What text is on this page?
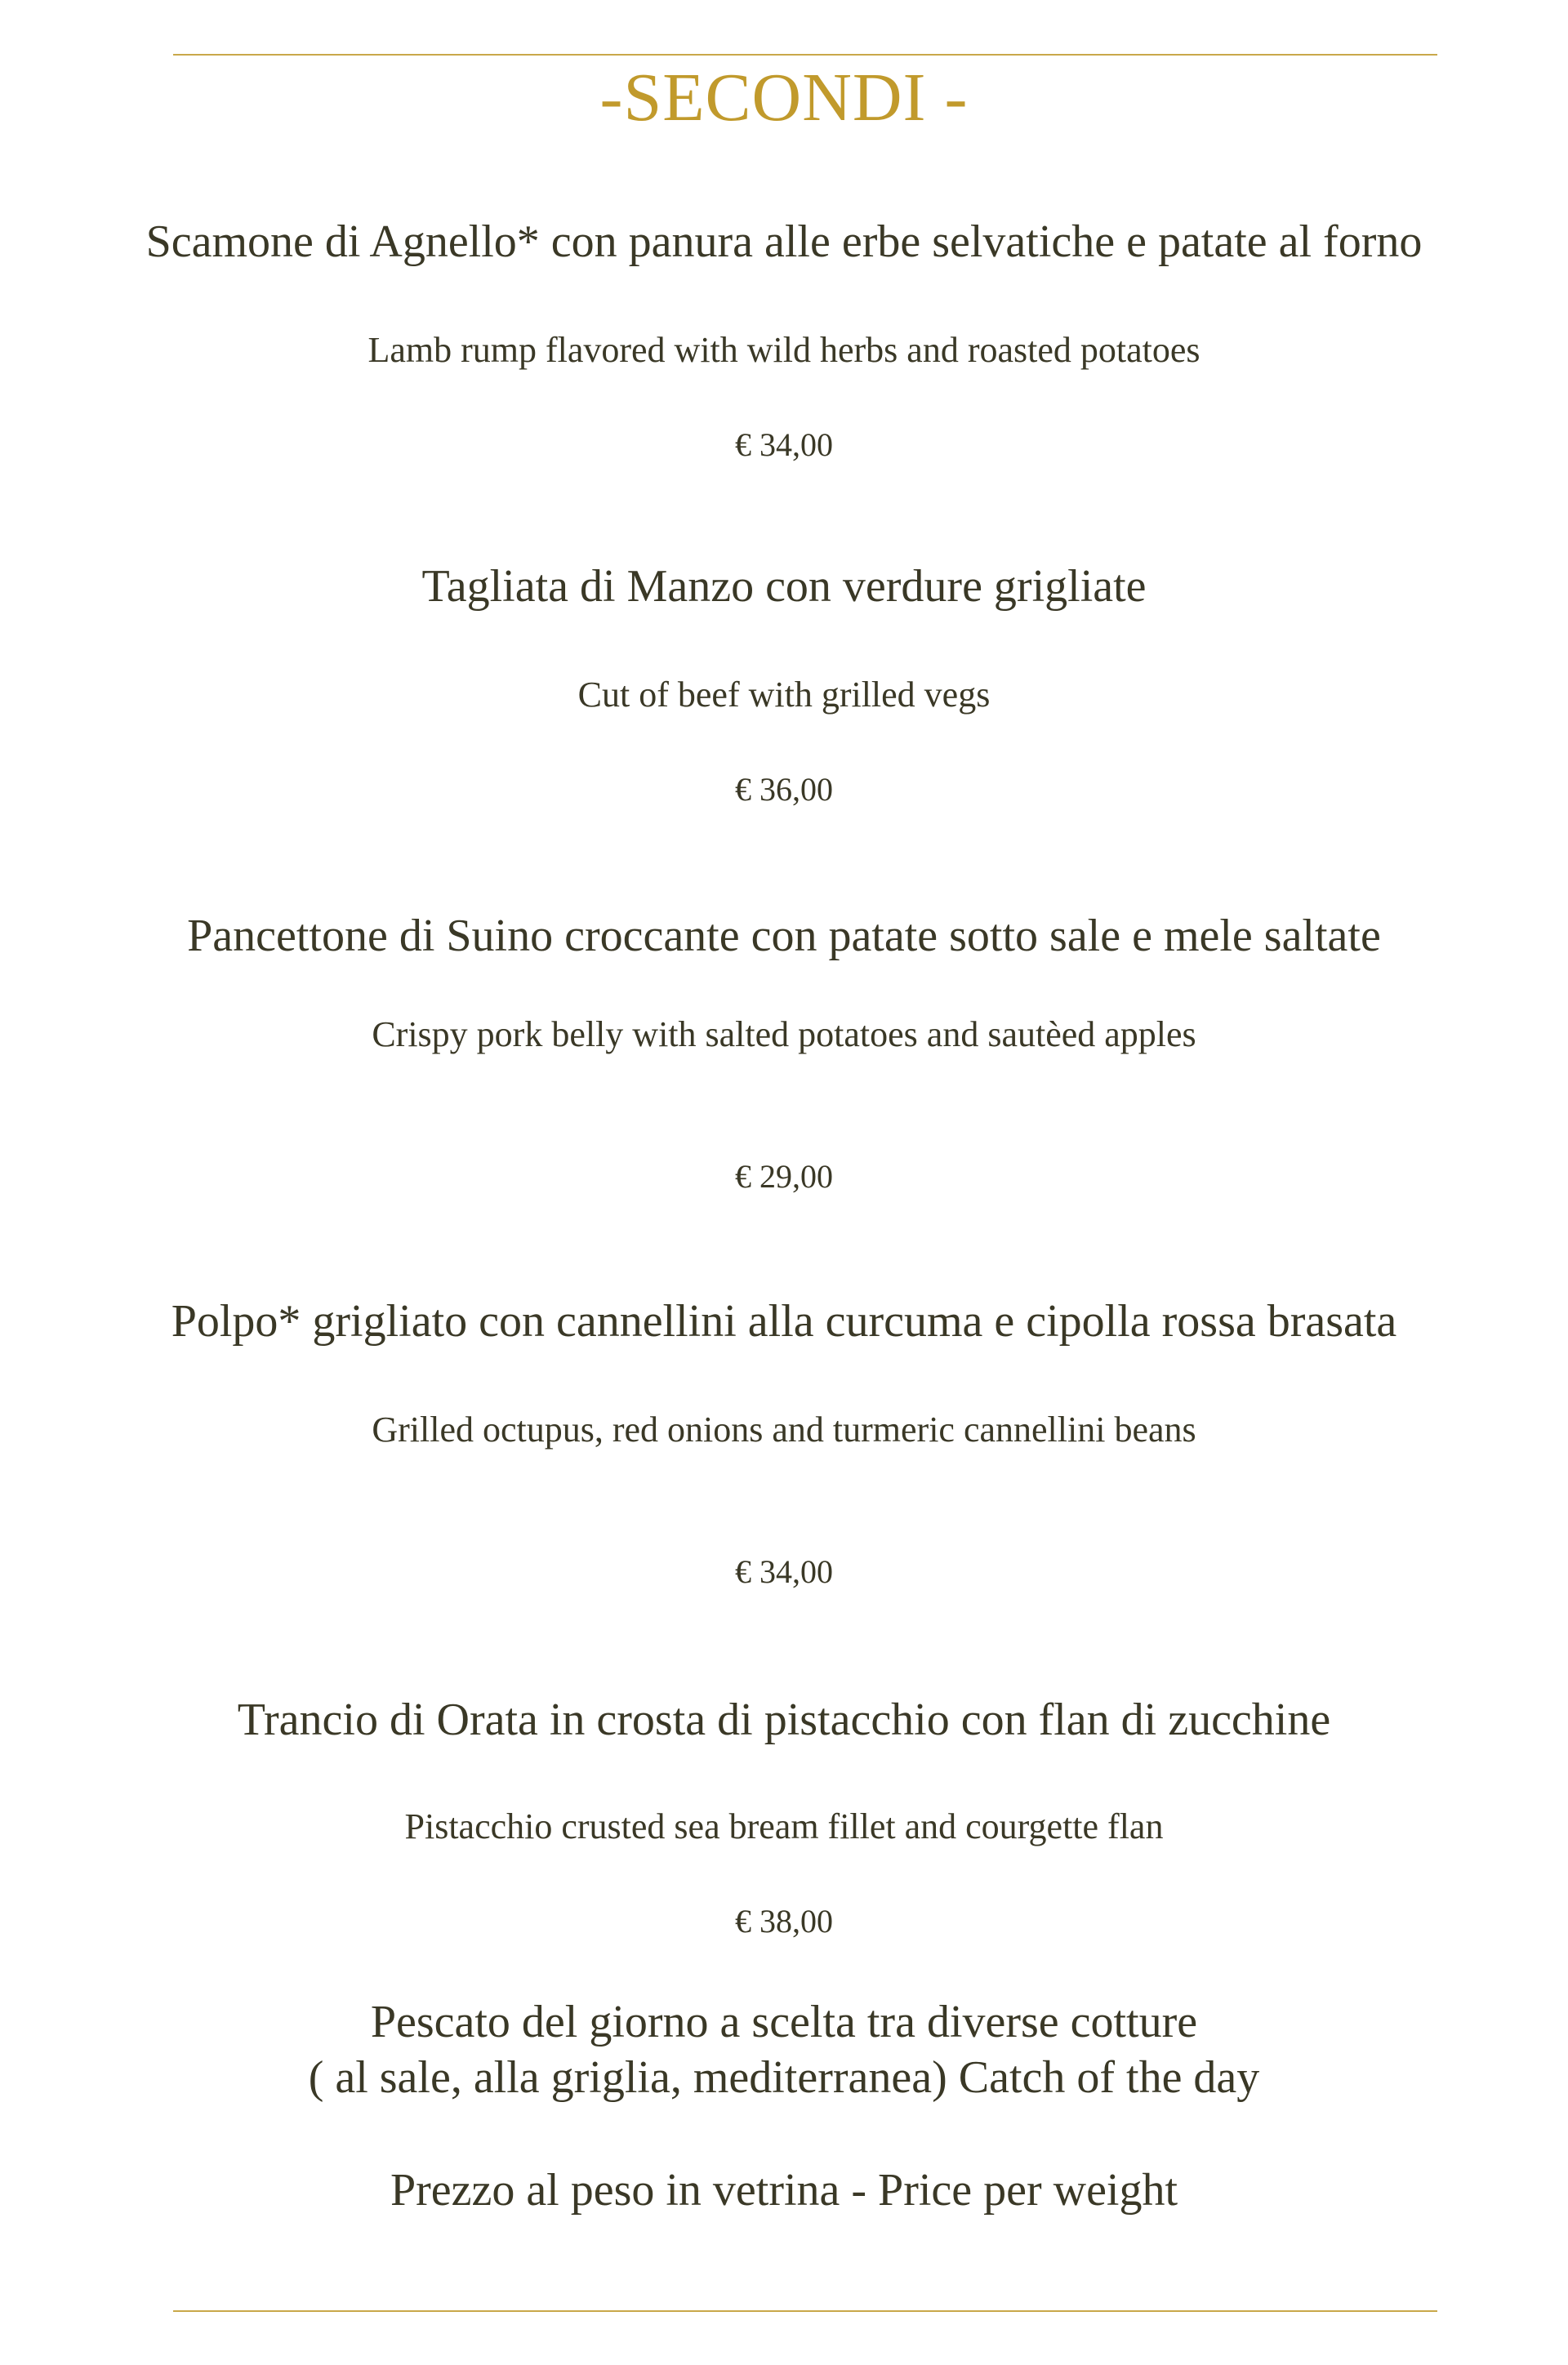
-SECONDI -
Scamone di Agnello* con panura alle erbe selvatiche e patate al forno
Lamb rump flavored with wild herbs and roasted potatoes
€ 34,00
Tagliata di Manzo con verdure grigliate
Cut of beef with grilled vegs
€ 36,00
Pancettone di Suino croccante con patate sotto sale e mele saltate
Crispy pork belly with salted potatoes and sautèed apples
€ 29,00
Polpo* grigliato con cannellini alla curcuma e cipolla rossa brasata
Grilled octupus, red onions and turmeric cannellini beans
€ 34,00
Trancio di Orata in crosta di pistacchio con flan di zucchine
Pistacchio crusted sea bream fillet and courgette flan
€ 38,00
Pescato del giorno a scelta tra diverse cotture
( al sale, alla griglia, mediterranea) Catch of the day
Prezzo al peso in vetrina - Price per weight
